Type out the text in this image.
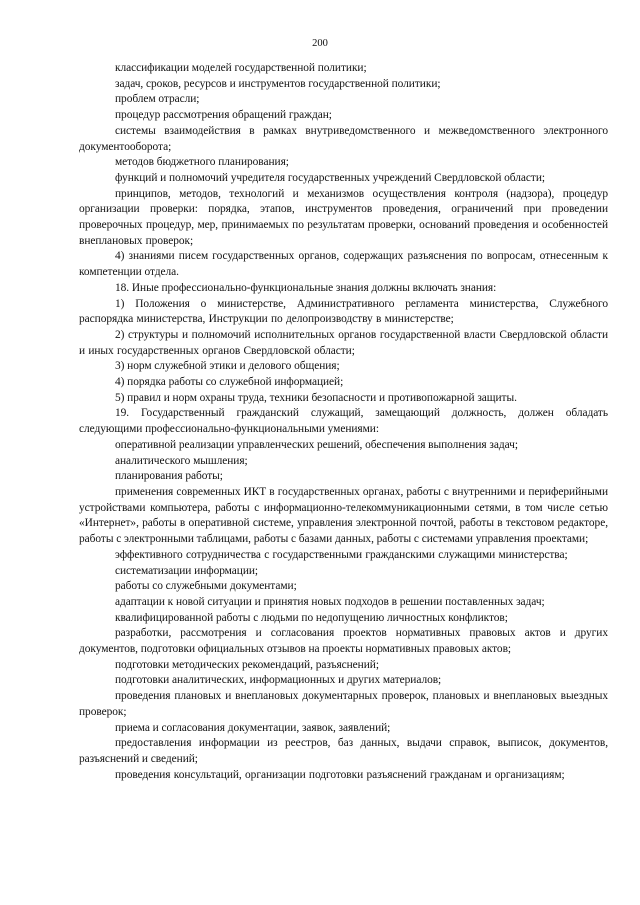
200

классификации моделей государственной политики;

задач, сроков, ресурсов и инструментов государственной политики;

проблем отрасли;

процедур рассмотрения обращений граждан;

системы взаимодействия в рамках внутриведомственного и межведомственного электронного документооборота;

методов бюджетного планирования;

функций и полномочий учредителя государственных учреждений Свердловской области;

принципов, методов, технологий и механизмов осуществления контроля (надзора), процедур организации проверки: порядка, этапов, инструментов проведения, ограничений при проведении проверочных процедур, мер, принимаемых по результатам проверки, оснований проведения и особенностей внеплановых проверок;

4) знаниями писем государственных органов, содержащих разъяснения по вопросам, отнесенным к компетенции отдела.

18. Иные профессионально-функциональные знания должны включать знания:

1) Положения о министерстве, Административного регламента министерства, Служебного распорядка министерства, Инструкции по делопроизводству в министерстве;

2) структуры и полномочий исполнительных органов государственной власти Свердловской области и иных государственных органов Свердловской области;

3) норм служебной этики и делового общения;

4) порядка работы со служебной информацией;

5) правил и норм охраны труда, техники безопасности и противопожарной защиты.

19. Государственный гражданский служащий, замещающий должность, должен обладать следующими профессионально-функциональными умениями:

оперативной реализации управленческих решений, обеспечения выполнения задач;

аналитического мышления;

планирования работы;

применения современных ИКТ в государственных органах, работы с внутренними и периферийными устройствами компьютера, работы с информационно-телекоммуникационными сетями, в том числе сетью «Интернет», работы в оперативной системе, управления электронной почтой, работы в текстовом редакторе, работы с электронными таблицами, работы с базами данных, работы с системами управления проектами;

эффективного сотрудничества с государственными гражданскими служащими министерства;

систематизации информации;

работы со служебными документами;

адаптации к новой ситуации и принятия новых подходов в решении поставленных задач;

квалифицированной работы с людьми по недопущению личностных конфликтов;

разработки, рассмотрения и согласования проектов нормативных правовых актов и других документов, подготовки официальных отзывов на проекты нормативных правовых актов;

подготовки методических рекомендаций, разъяснений;

подготовки аналитических, информационных и других материалов;

проведения плановых и внеплановых документарных проверок, плановых и внеплановых выездных проверок;

приема и согласования документации, заявок, заявлений;

предоставления информации из реестров, баз данных, выдачи справок, выписок, документов, разъяснений и сведений;

проведения консультаций, организации подготовки разъяснений гражданам и организациям;
